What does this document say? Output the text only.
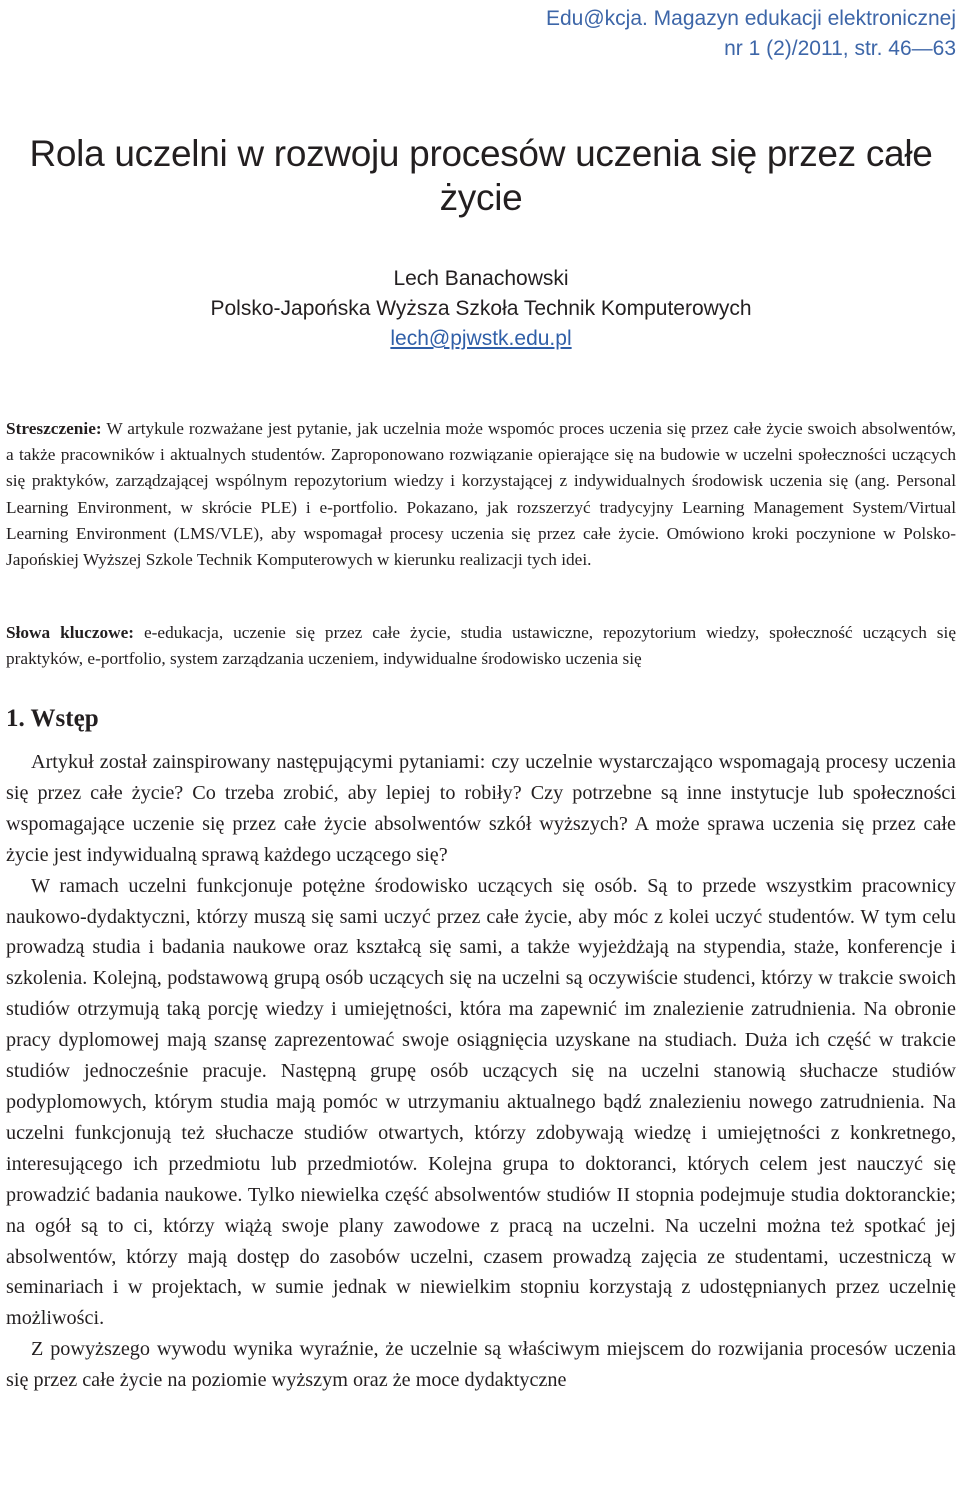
Edu@kcja. Magazyn edukacji elektronicznej
nr 1 (2)/2011, str. 46—63
Rola uczelni w rozwoju procesów uczenia się przez całe życie
Lech Banachowski
Polsko-Japońska Wyższa Szkoła Technik Komputerowych
lech@pjwstk.edu.pl

Streszczenie: W artykule rozważane jest pytanie, jak uczelnia może wspomóc proces uczenia się przez całe życie swoich absolwentów, a także pracowników i aktualnych studentów. Zaproponowano rozwiązanie opierające się na budowie w uczelni społeczności uczących się praktyków, zarządzającej wspólnym repozytorium wiedzy i korzystającej z indywidualnych środowisk uczenia się (ang. Personal Learning Environment, w skrócie PLE) i e-portfolio. Pokazano, jak rozszerzyć tradycyjny Learning Management System/Virtual Learning Environment (LMS/VLE), aby wspomagał procesy uczenia się przez całe życie. Omówiono kroki poczynione w Polsko-Japońskiej Wyższej Szkole Technik Komputerowych w kierunku realizacji tych idei.

Słowa kluczowe: e-edukacja, uczenie się przez całe życie, studia ustawiczne, repozytorium wiedzy, społeczność uczących się praktyków, e-portfolio, system zarządzania uczeniem, indywidualne środowisko uczenia się

1. Wstęp

Artykuł został zainspirowany następującymi pytaniami: czy uczelnie wystarczająco wspomagają procesy uczenia się przez całe życie? Co trzeba zrobić, aby lepiej to robiły? Czy potrzebne są inne instytucje lub społeczności wspomagające uczenie się przez całe życie absolwentów szkół wyższych? A może sprawa uczenia się przez całe życie jest indywidualną sprawą każdego uczącego się?

W ramach uczelni funkcjonuje potężne środowisko uczących się osób. Są to przede wszystkim pracownicy naukowo-dydaktyczni, którzy muszą się sami uczyć przez całe życie, aby móc z kolei uczyć studentów. W tym celu prowadzą studia i badania naukowe oraz kształcą się sami, a także wyjeżdżają na stypendia, staże, konferencje i szkolenia. Kolejną, podstawową grupą osób uczących się na uczelni są oczywiście studenci, którzy w trakcie swoich studiów otrzymują taką porcję wiedzy i umiejętności, która ma zapewnić im znalezienie zatrudnienia. Na obronie pracy dyplomowej mają szansę zaprezentować swoje osiągnięcia uzyskane na studiach. Duża ich część w trakcie studiów jednocześnie pracuje. Następną grupę osób uczących się na uczelni stanowią słuchacze studiów podyplomowych, którym studia mają pomóc w utrzymaniu aktualnego bądź znalezieniu nowego zatrudnienia. Na uczelni funkcjonują też słuchacze studiów otwartych, którzy zdobywają wiedzę i umiejętności z konkretnego, interesującego ich przedmiotu lub przedmiotów. Kolejna grupa to doktoranci, których celem jest nauczyć się prowadzić badania naukowe. Tylko niewielka część absolwentów studiów II stopnia podejmuje studia doktoranckie; na ogół są to ci, którzy wiążą swoje plany zawodowe z pracą na uczelni. Na uczelni można też spotkać jej absolwentów, którzy mają dostęp do zasobów uczelni, czasem prowadzą zajęcia ze studentami, uczestniczą w seminariach i w projektach, w sumie jednak w niewielkim stopniu korzystają z udostępnianych przez uczelnię możliwości.

Z powyższego wywodu wynika wyraźnie, że uczelnie są właściwym miejscem do rozwijania procesów uczenia się przez całe życie na poziomie wyższym oraz że moce dydaktyczne
